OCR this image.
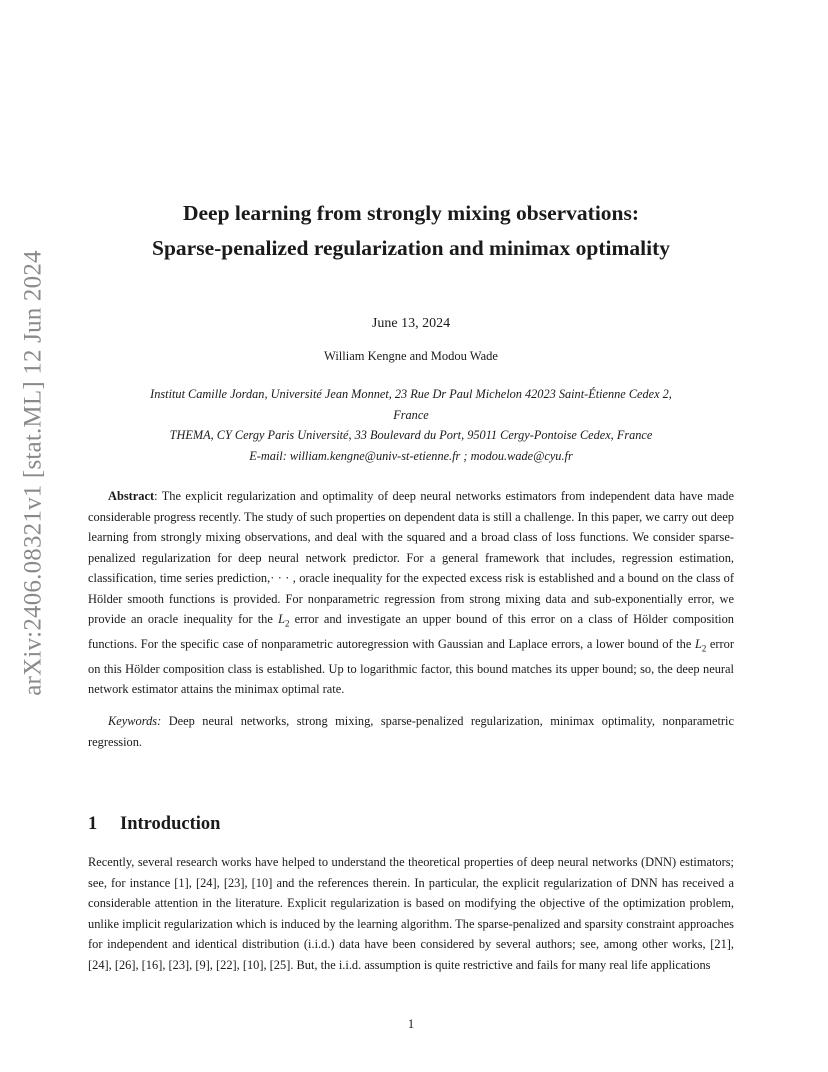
arXiv:2406.08321v1 [stat.ML] 12 Jun 2024
Deep learning from strongly mixing observations:
Sparse-penalized regularization and minimax optimality
June 13, 2024
William Kengne and Modou Wade
Institut Camille Jordan, Université Jean Monnet, 23 Rue Dr Paul Michelon 42023 Saint-Étienne Cedex 2,
France
THEMA, CY Cergy Paris Université, 33 Boulevard du Port, 95011 Cergy-Pontoise Cedex, France
E-mail: william.kengne@univ-st-etienne.fr ; modou.wade@cyu.fr

Abstract: The explicit regularization and optimality of deep neural networks estimators from independent data have made considerable progress recently. The study of such properties on dependent data is still a challenge. In this paper, we carry out deep learning from strongly mixing observations, and deal with the squared and a broad class of loss functions. We consider sparse-penalized regularization for deep neural network predictor. For a general framework that includes, regression estimation, classification, time series prediction,· · · , oracle inequality for the expected excess risk is established and a bound on the class of Hölder smooth functions is provided. For nonparametric regression from strong mixing data and sub-exponentially error, we provide an oracle inequality for the $L_2$ error and investigate an upper bound of this error on a class of Hölder composition functions. For the specific case of nonparametric autoregression with Gaussian and Laplace errors, a lower bound of the $L_2$ error on this Hölder composition class is established. Up to logarithmic factor, this bound matches its upper bound; so, the deep neural network estimator attains the minimax optimal rate.

Keywords: Deep neural networks, strong mixing, sparse-penalized regularization, minimax optimality, nonparametric regression.

1 Introduction

Recently, several research works have helped to understand the theoretical properties of deep neural networks (DNN) estimators; see, for instance [1], [24], [23], [10] and the references therein. In particular, the explicit regularization of DNN has received a considerable attention in the literature. Explicit regularization is based on modifying the objective of the optimization problem, unlike implicit regularization which is induced by the learning algorithm. The sparse-penalized and sparsity constraint approaches for independent and identical distribution (i.i.d.) data have been considered by several authors; see, among other works, [21], [24], [26], [16], [23], [9], [22], [10], [25]. But, the i.i.d. assumption is quite restrictive and fails for many real life applications

1
